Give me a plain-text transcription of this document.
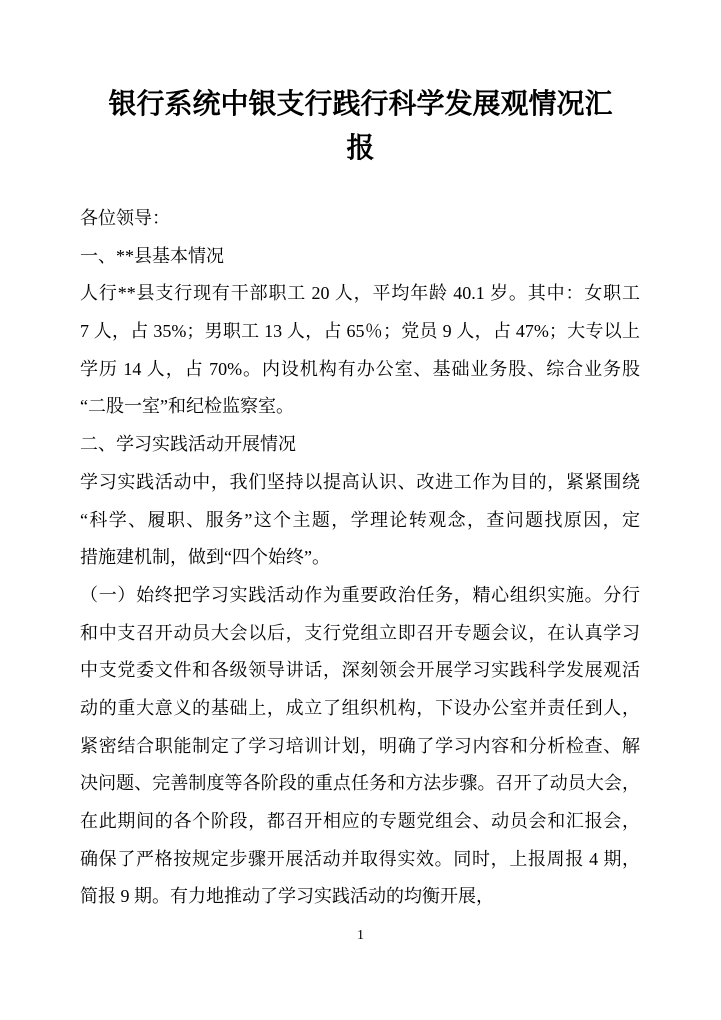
银行系统中银支行践行科学发展观情况汇
报
各位领导：
一、**县基本情况
人行**县支行现有干部职工 20 人，平均年龄 40.1 岁。其中：女职工
7 人，占 35%；男职工 13 人，占 65％；党员 9 人，占 47%；大专以上
学历 14 人，占 70%。内设机构有办公室、基础业务股、综合业务股
“二股一室”和纪检监察室。
二、学习实践活动开展情况
学习实践活动中，我们坚持以提高认识、改进工作为目的，紧紧围绕
“科学、履职、服务”这个主题，学理论转观念，查问题找原因，定
措施建机制，做到“四个始终”。
（一）始终把学习实践活动作为重要政治任务，精心组织实施。分行
和中支召开动员大会以后，支行党组立即召开专题会议，在认真学习
中支党委文件和各级领导讲话，深刻领会开展学习实践科学发展观活
动的重大意义的基础上，成立了组织机构，下设办公室并责任到人，
紧密结合职能制定了学习培训计划，明确了学习内容和分析检查、解
决问题、完善制度等各阶段的重点任务和方法步骤。召开了动员大会，
在此期间的各个阶段，都召开相应的专题党组会、动员会和汇报会，
确保了严格按规定步骤开展活动并取得实效。同时，上报周报 4 期，
简报 9 期。有力地推动了学习实践活动的均衡开展，
1
